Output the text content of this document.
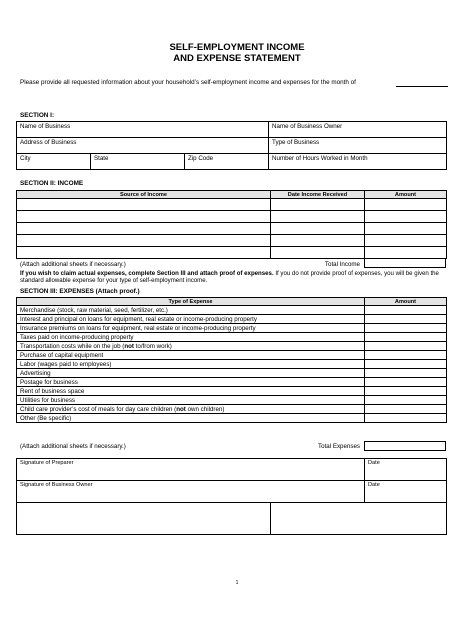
SELF-EMPLOYMENT INCOME
AND EXPENSE STATEMENT
Please provide all requested information about your household’s self-employment income and expenses for the month of
SECTION I:
Name of Business			Name of Business Owner
Address of Business			Type of Business
City	State	Zip Code	Number of Hours Worked in Month
SECTION II: INCOME
Source of Income	Date Income Received	Amount

(Attach additional sheets if necessary.)	Total Income
If you wish to claim actual expenses, complete Section III and attach proof of expenses. If you do not provide proof of expenses, you will be given the standard allowable expense for your type of self-employment income.
SECTION III: EXPENSES (Attach proof.)
Type of Expense	Amount
Merchandise (stock, raw material, seed, fertilizer, etc.)	
Interest and principal on loans for equipment, real estate or income-producing property	
Insurance premiums on loans for equipment, real estate or income-producing property	
Taxes paid on income-producing property	
Transportation costs while on the job (not to/from work)	
Purchase of capital equipment	
Labor (wages paid to employees)	
Advertising	
Postage for business	
Rent of business space	
Utilities for business	
Child care provider’s cost of meals for day care children (not own children)	
Other (Be specific)	
(Attach additional sheets if necessary.)	Total Expenses
Signature of Preparer	Date
Signature of Business Owner	Date

1
